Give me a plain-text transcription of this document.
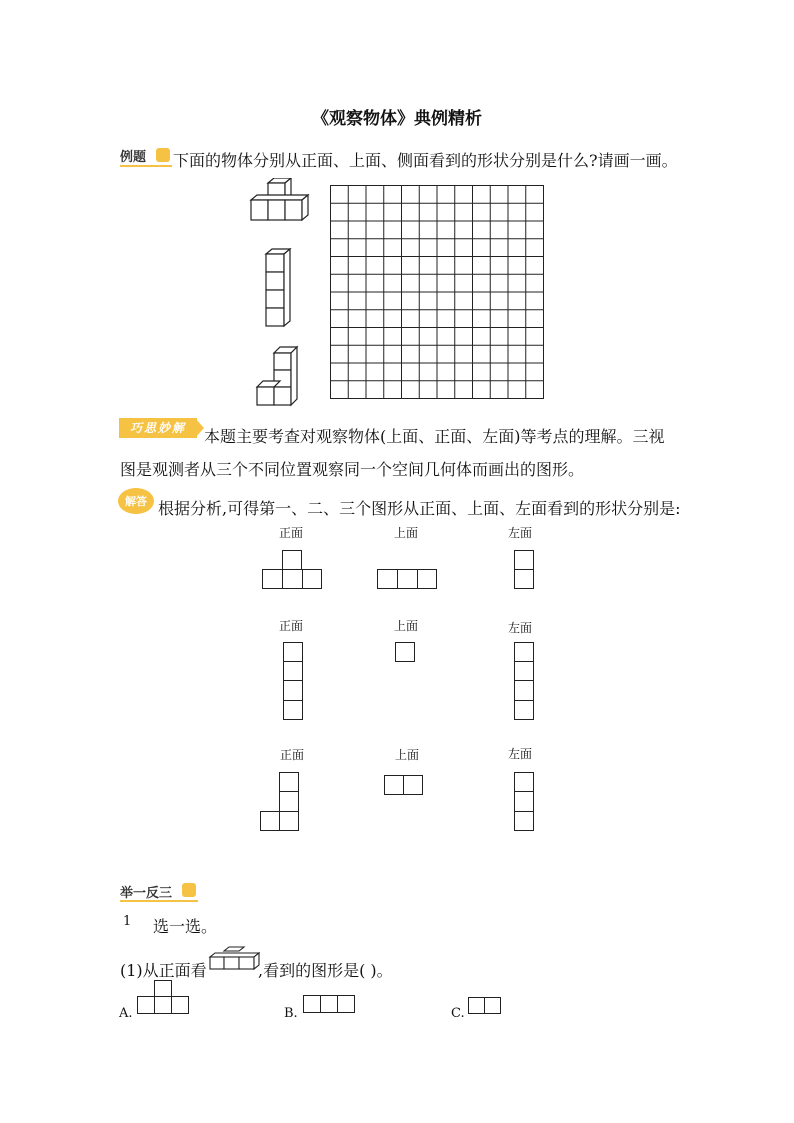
《观察物体》典例精析
例题 下面的物体分别从正面、上面、侧面看到的形状分别是什么?请画一画。
巧思妙解	本题主要考查对观察物体(上面、正面、左面)等考点的理解。三视
图是观测者从三个不同位置观察同一个空间几何体而画出的图形。
解答 根据分析,可得第一、二、三个图形从正面、上面、左面看到的形状分别是:
正面	上面	左面
正面	上面	左面
正面	上面	左面
举一反三
1 选一选。
(1)从正面看	,看到的图形是( )。
A.	B.	C.
